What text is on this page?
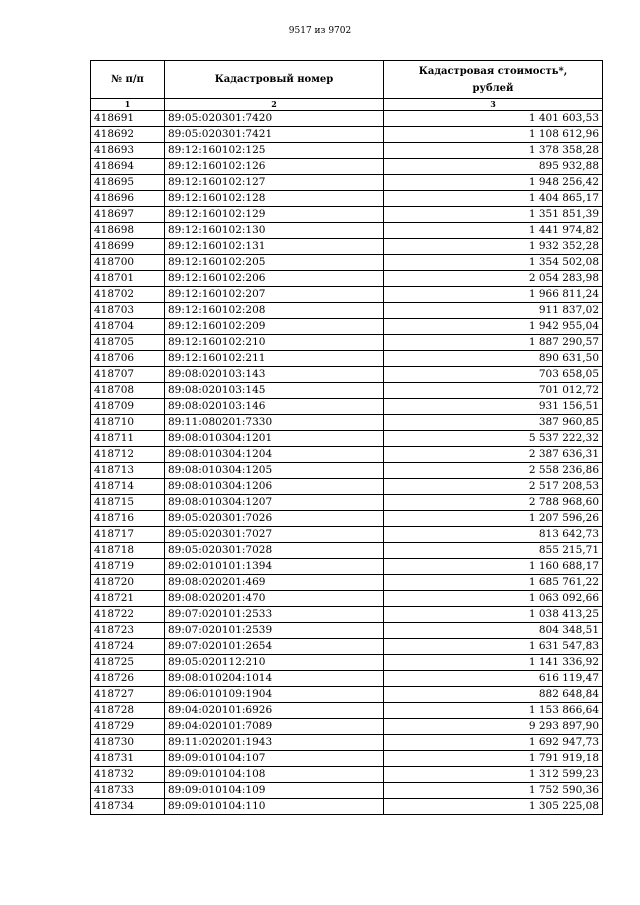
9517 из 9702
№ п/п	Кадастровый номер	Кадастровая стоимость*,
рублей
1	2	3
418691	89:05:020301:7420	1 401 603,53
418692	89:05:020301:7421	1 108 612,96
418693	89:12:160102:125	1 378 358,28
418694	89:12:160102:126	895 932,88
418695	89:12:160102:127	1 948 256,42
418696	89:12:160102:128	1 404 865,17
418697	89:12:160102:129	1 351 851,39
418698	89:12:160102:130	1 441 974,82
418699	89:12:160102:131	1 932 352,28
418700	89:12:160102:205	1 354 502,08
418701	89:12:160102:206	2 054 283,98
418702	89:12:160102:207	1 966 811,24
418703	89:12:160102:208	911 837,02
418704	89:12:160102:209	1 942 955,04
418705	89:12:160102:210	1 887 290,57
418706	89:12:160102:211	890 631,50
418707	89:08:020103:143	703 658,05
418708	89:08:020103:145	701 012,72
418709	89:08:020103:146	931 156,51
418710	89:11:080201:7330	387 960,85
418711	89:08:010304:1201	5 537 222,32
418712	89:08:010304:1204	2 387 636,31
418713	89:08:010304:1205	2 558 236,86
418714	89:08:010304:1206	2 517 208,53
418715	89:08:010304:1207	2 788 968,60
418716	89:05:020301:7026	1 207 596,26
418717	89:05:020301:7027	813 642,73
418718	89:05:020301:7028	855 215,71
418719	89:02:010101:1394	1 160 688,17
418720	89:08:020201:469	1 685 761,22
418721	89:08:020201:470	1 063 092,66
418722	89:07:020101:2533	1 038 413,25
418723	89:07:020101:2539	804 348,51
418724	89:07:020101:2654	1 631 547,83
418725	89:05:020112:210	1 141 336,92
418726	89:08:010204:1014	616 119,47
418727	89:06:010109:1904	882 648,84
418728	89:04:020101:6926	1 153 866,64
418729	89:04:020101:7089	9 293 897,90
418730	89:11:020201:1943	1 692 947,73
418731	89:09:010104:107	1 791 919,18
418732	89:09:010104:108	1 312 599,23
418733	89:09:010104:109	1 752 590,36
418734	89:09:010104:110	1 305 225,08
